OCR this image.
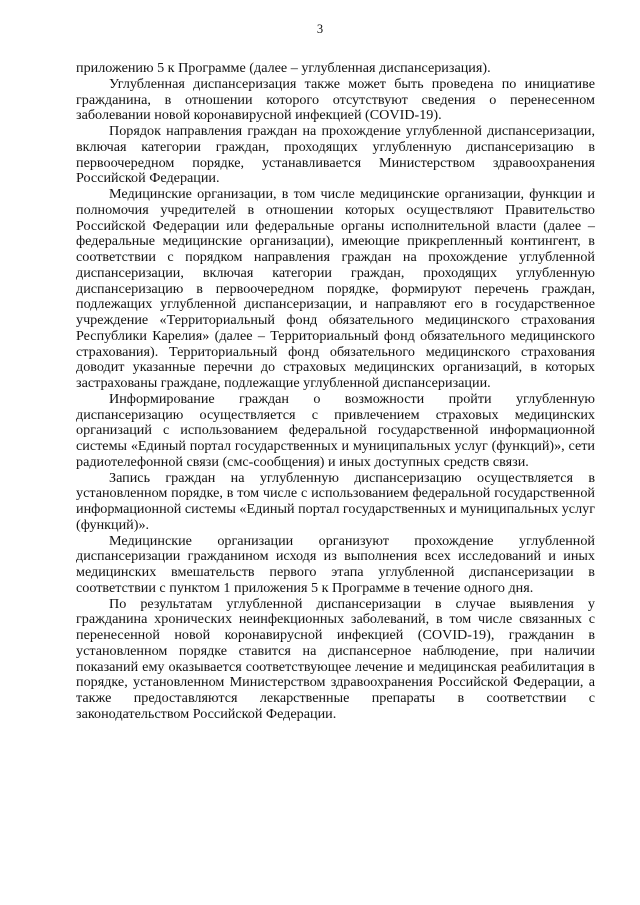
3

приложению 5 к Программе (далее – углубленная диспансеризация).

Углубленная диспансеризация также может быть проведена по инициативе гражданина, в отношении которого отсутствуют сведения о перенесенном заболевании новой коронавирусной инфекцией (COVID-19).

Порядок направления граждан на прохождение углубленной диспансеризации, включая категории граждан, проходящих углубленную диспансеризацию в первоочередном порядке, устанавливается Министерством здравоохранения Российской Федерации.

Медицинские организации, в том числе медицинские организации, функции и полномочия учредителей в отношении которых осуществляют Правительство Российской Федерации или федеральные органы исполнительной власти (далее – федеральные медицинские организации), имеющие прикрепленный контингент, в соответствии с порядком направления граждан на прохождение углубленной диспансеризации, включая категории граждан, проходящих углубленную диспансеризацию в первоочередном порядке, формируют перечень граждан, подлежащих углубленной диспансеризации, и направляют его в государственное учреждение «Территориальный фонд обязательного медицинского страхования Республики Карелия» (далее – Территориальный фонд обязательного медицинского страхования). Территориальный фонд обязательного медицинского страхования доводит указанные перечни до страховых медицинских организаций, в которых застрахованы граждане, подлежащие углубленной диспансеризации.

Информирование граждан о возможности пройти углубленную диспансеризацию осуществляется с привлечением страховых медицинских организаций с использованием федеральной государственной информационной системы «Единый портал государственных и муниципальных услуг (функций)», сети радиотелефонной связи (смс-сообщения) и иных доступных средств связи.

Запись граждан на углубленную диспансеризацию осуществляется в установленном порядке, в том числе с использованием федеральной государственной информационной системы «Единый портал государственных и муниципальных услуг (функций)».

Медицинские организации организуют прохождение углубленной диспансеризации гражданином исходя из выполнения всех исследований и иных медицинских вмешательств первого этапа углубленной диспансеризации в соответствии с пунктом 1 приложения 5 к Программе в течение одного дня.

По результатам углубленной диспансеризации в случае выявления у гражданина хронических неинфекционных заболеваний, в том числе связанных с перенесенной новой коронавирусной инфекцией (COVID-19), гражданин в установленном порядке ставится на диспансерное наблюдение, при наличии показаний ему оказывается соответствующее лечение и медицинская реабилитация в порядке, установленном Министерством здравоохранения Российской Федерации, а также предоставляются лекарственные препараты в соответствии с законодательством Российской Федерации.
